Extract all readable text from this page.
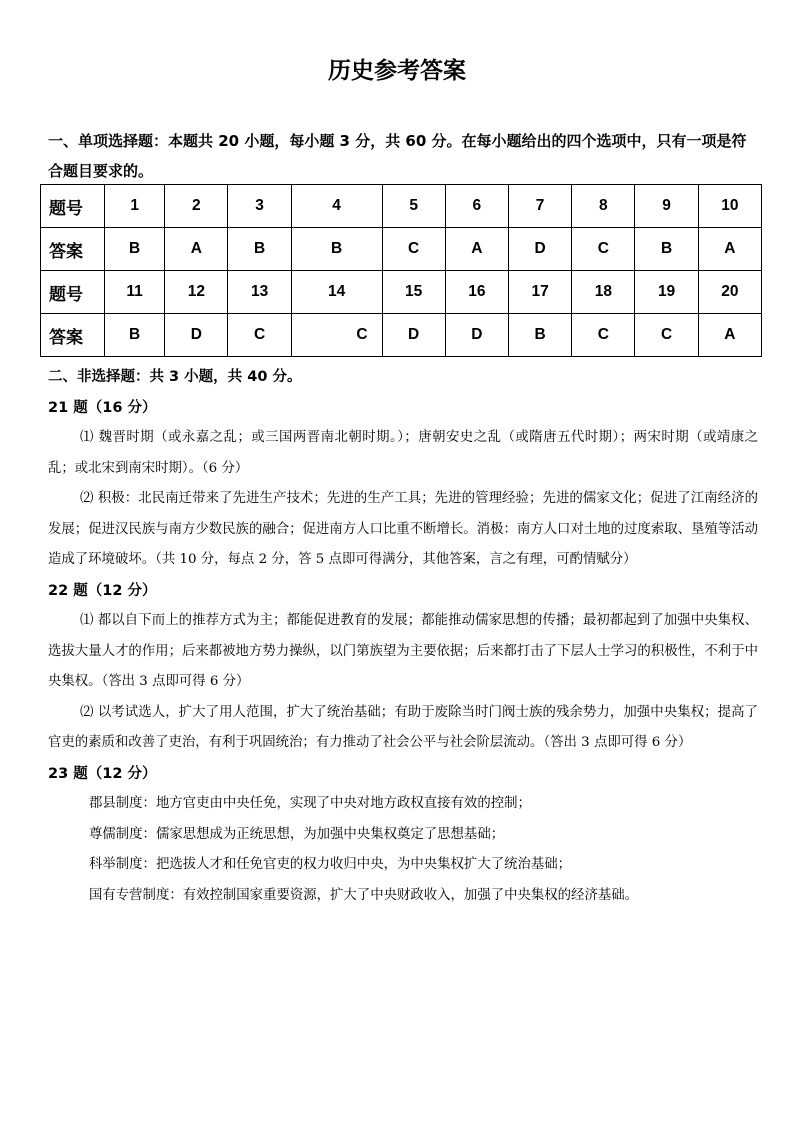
历史参考答案
一、单项选择题：本题共 20 小题，每小题 3 分，共 60 分。在每小题给出的四个选项中，只有一项是符合题目要求的。
题号	1	2	3	4	5	6	7	8	9	10
答案	B	A	B	B	C	A	D	C	B	A
题号	11	12	13	14	15	16	17	18	19	20
答案	B	D	C	C	D	D	B	C	C	A
二、非选择题：共 3 小题，共 40 分。
21 题（16 分）
⑴ 魏晋时期（或永嘉之乱；或三国两晋南北朝时期。）；唐朝安史之乱（或隋唐五代时期）；两宋时期（或靖康之乱；或北宋到南宋时期）。（6 分）
⑵ 积极：北民南迁带来了先进生产技术；先进的生产工具；先进的管理经验；先进的儒家文化；促进了江南经济的发展；促进汉民族与南方少数民族的融合；促进南方人口比重不断增长。消极：南方人口对土地的过度索取、垦殖等活动造成了环境破坏。（共 10 分，每点 2 分，答 5 点即可得满分，其他答案，言之有理，可酌情赋分）
22 题（12 分）
⑴ 都以自下而上的推荐方式为主；都能促进教育的发展；都能推动儒家思想的传播；最初都起到了加强中央集权、选拔大量人才的作用；后来都被地方势力操纵，以门第族望为主要依据；后来都打击了下层人士学习的积极性，不利于中央集权。（答出 3 点即可得 6 分）
⑵ 以考试选人，扩大了用人范围，扩大了统治基础；有助于废除当时门阀士族的残余势力，加强中央集权；提高了官吏的素质和改善了吏治，有利于巩固统治；有力推动了社会公平与社会阶层流动。（答出 3 点即可得 6 分）
23 题（12 分）
郡县制度：地方官吏由中央任免，实现了中央对地方政权直接有效的控制；
尊儒制度：儒家思想成为正统思想，为加强中央集权奠定了思想基础；
科举制度：把选拔人才和任免官吏的权力收归中央，为中央集权扩大了统治基础；
国有专营制度：有效控制国家重要资源，扩大了中央财政收入，加强了中央集权的经济基础。
